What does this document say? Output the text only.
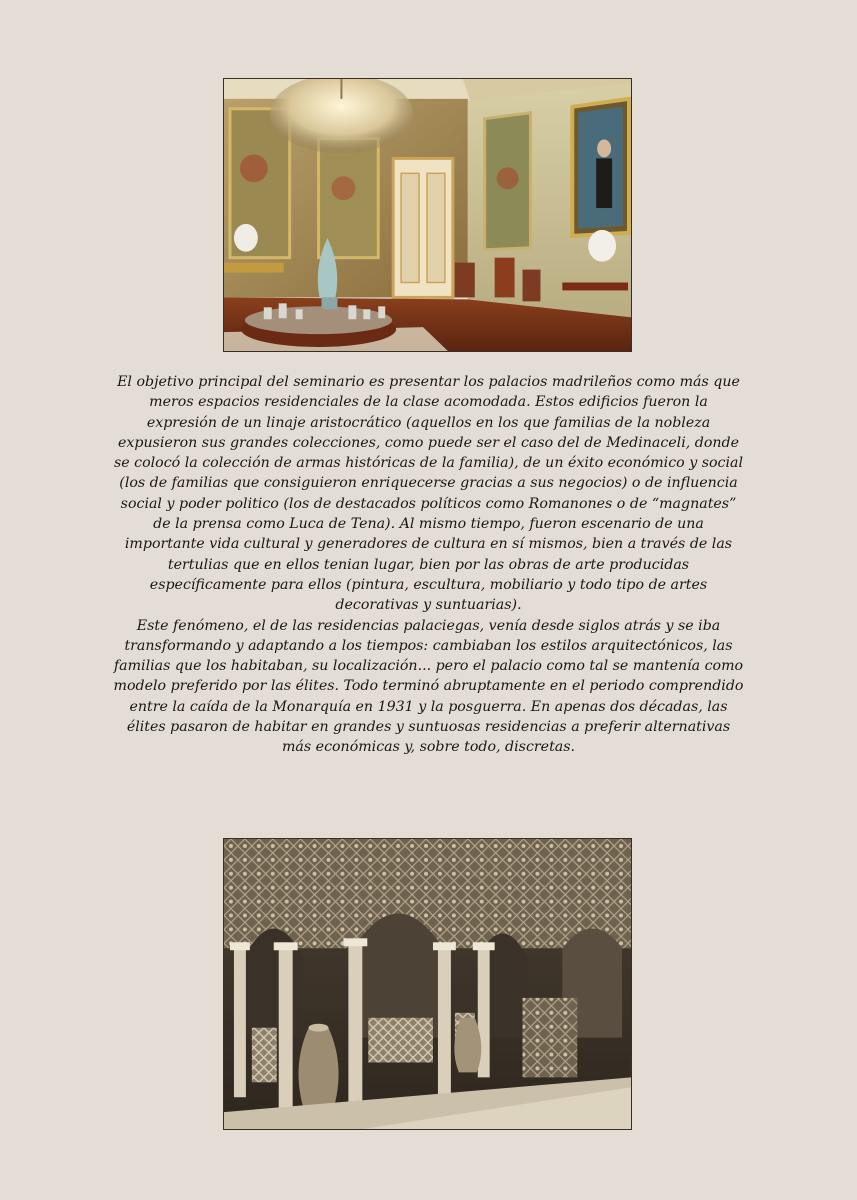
El objetivo principal del seminario es presentar los palacios madrileños como más que meros espacios residenciales de la clase acomodada. Estos edificios fueron la expresión de un linaje aristocrático (aquellos en los que familias de la nobleza expusieron sus grandes colecciones, como puede ser el caso del de Medinaceli, donde se colocó la colección de armas históricas de la familia), de un éxito económico y social (los de familias que consiguieron enriquecerse gracias a sus negocios) o de influencia social y poder politico (los de destacados políticos como Romanones o de “magnates” de la prensa como Luca de Tena). Al mismo tiempo, fueron escenario de una importante vida cultural y generadores de cultura en sí mismos, bien a través de las tertulias que en ellos tenian lugar, bien por las obras de arte producidas específicamente para ellos (pintura, escultura, mobiliario y todo tipo de artes decorativas y suntuarias).

Este fenómeno, el de las residencias palaciegas, venía desde siglos atrás y se iba transformando y adaptando a los tiempos: cambiaban los estilos arquitectónicos, las familias que los habitaban, su localización... pero el palacio como tal se mantenía como modelo preferido por las élites. Todo terminó abruptamente en el periodo comprendido entre la caída de la Monarquía en 1931 y la posguerra. En apenas dos décadas, las élites pasaron de habitar en grandes y suntuosas residencias a preferir alternativas más económicas y, sobre todo, discretas.
